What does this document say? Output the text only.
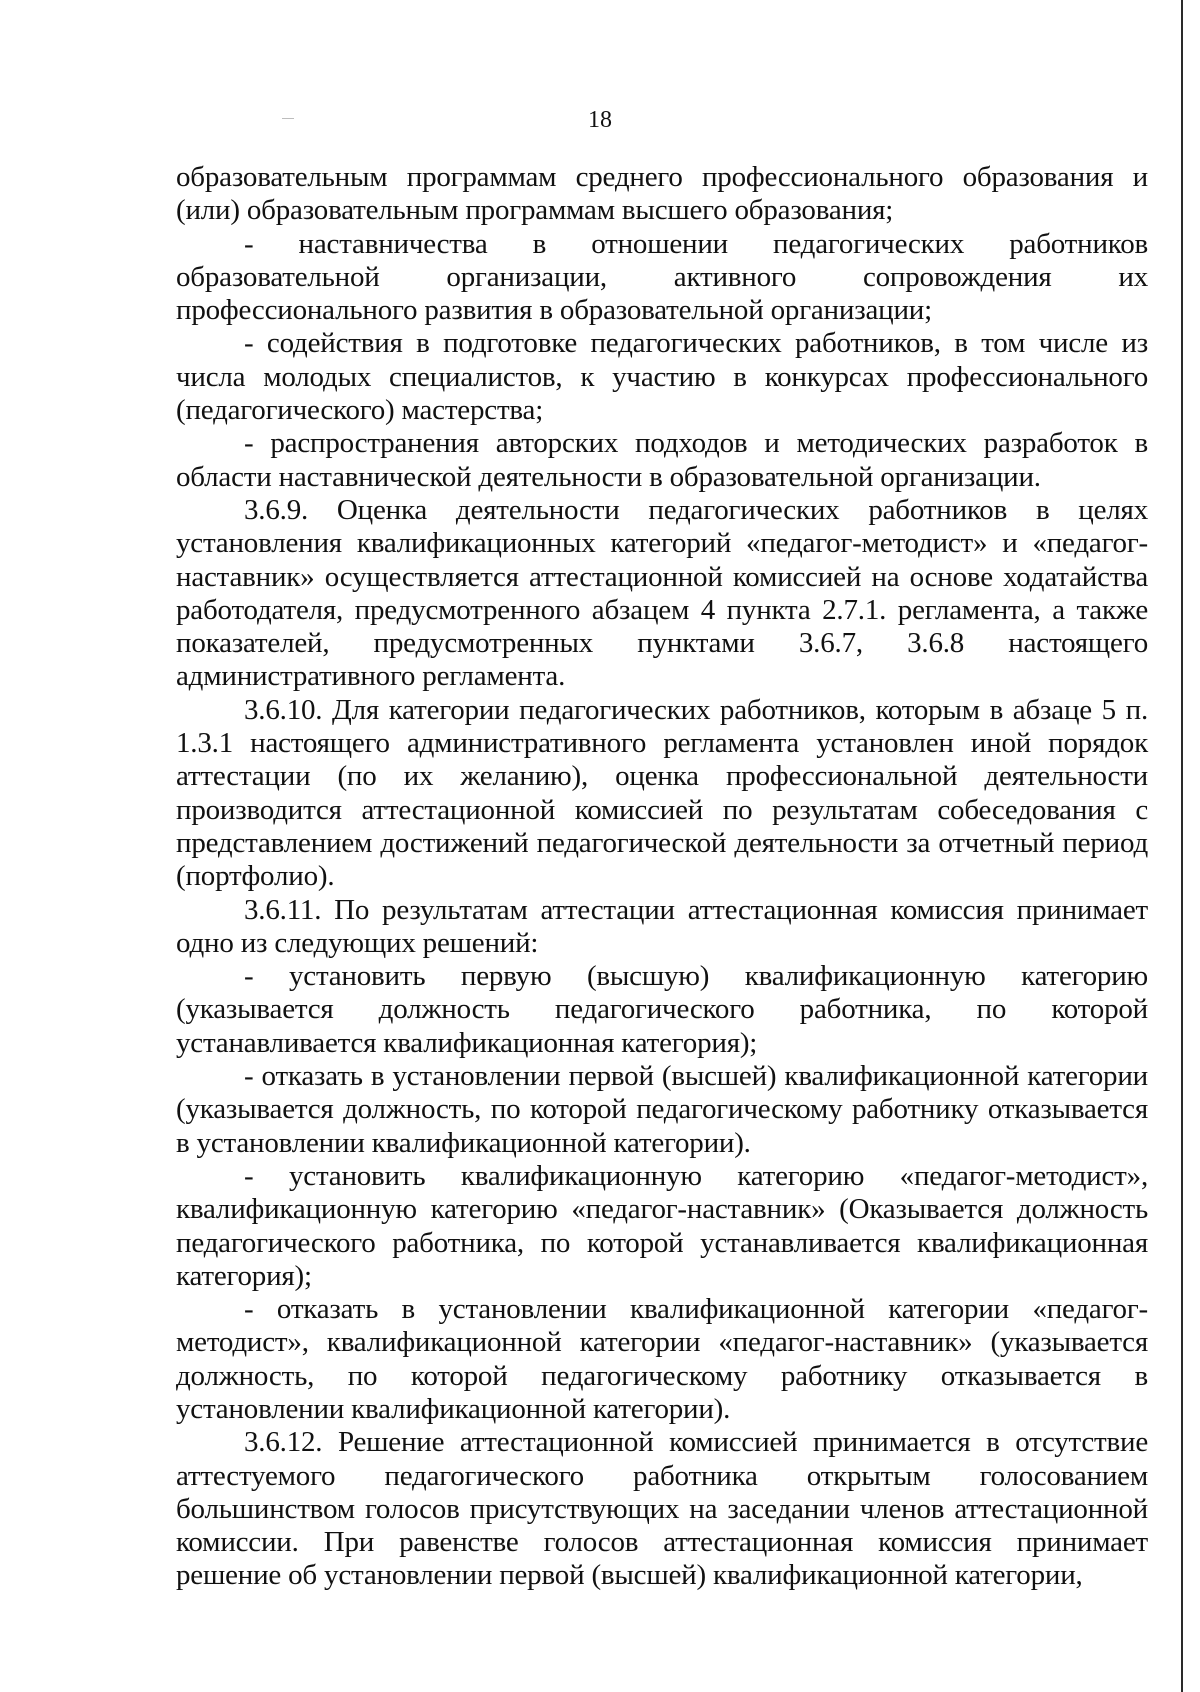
18

образовательным программам среднего профессионального образования и (или) образовательным программам высшего образования;

- наставничества в отношении педагогических работников образовательной организации, активного сопровождения их профессионального развития в образовательной организации;

- содействия в подготовке педагогических работников, в том числе из числа молодых специалистов, к участию в конкурсах профессионального (педагогического) мастерства;

- распространения авторских подходов и методических разработок в области наставнической деятельности в образовательной организации.

3.6.9. Оценка деятельности педагогических работников в целях установления квалификационных категорий «педагог-методист» и «педагог-наставник» осуществляется аттестационной комиссией на основе ходатайства работодателя, предусмотренного абзацем 4 пункта 2.7.1. регламента, а также показателей, предусмотренных пунктами 3.6.7, 3.6.8 настоящего административного регламента.

3.6.10. Для категории педагогических работников, которым в абзаце 5 п. 1.3.1 настоящего административного регламента установлен иной порядок аттестации (по их желанию), оценка профессиональной деятельности производится аттестационной комиссией по результатам собеседования с представлением достижений педагогической деятельности за отчетный период (портфолио).

3.6.11. По результатам аттестации аттестационная комиссия принимает одно из следующих решений:

- установить первую (высшую) квалификационную категорию (указывается должность педагогического работника, по которой устанавливается квалификационная категория);

- отказать в установлении первой (высшей) квалификационной категории (указывается должность, по которой педагогическому работнику отказывается в установлении квалификационной категории).

- установить квалификационную категорию «педагог-методист», квалификационную категорию «педагог-наставник» (Оказывается должность педагогического работника, по которой устанавливается квалификационная категория);

- отказать в установлении квалификационной категории «педагог-методист», квалификационной категории «педагог-наставник» (указывается должность, по которой педагогическому работнику отказывается в установлении квалификационной категории).

3.6.12. Решение аттестационной комиссией принимается в отсутствие аттестуемого педагогического работника открытым голосованием большинством голосов присутствующих на заседании членов аттестационной комиссии. При равенстве голосов аттестационная комиссия принимает решение об установлении первой (высшей) квалификационной категории,
